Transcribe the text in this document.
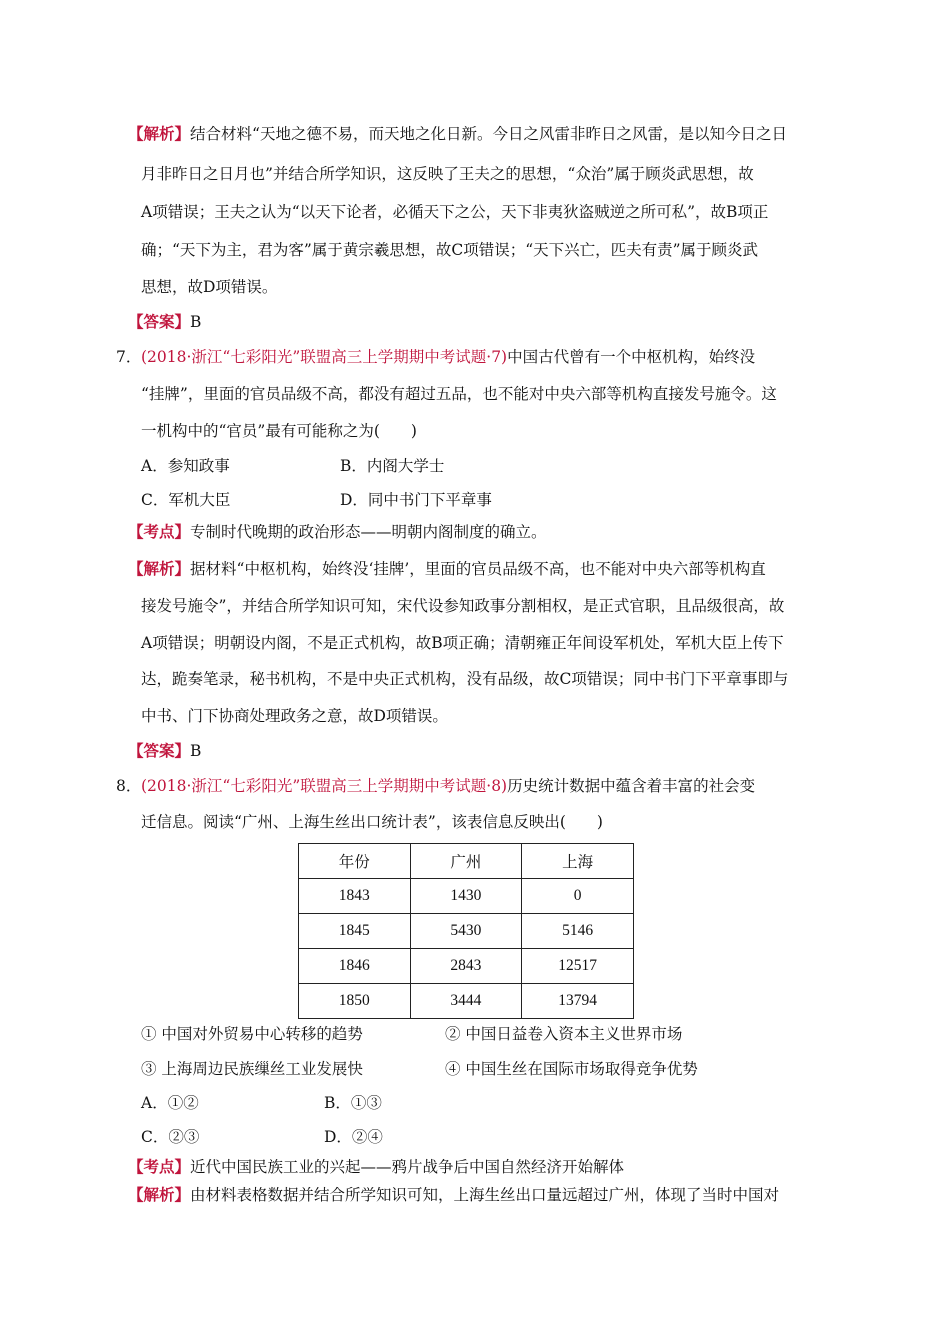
【解析】结合材料“天地之德不易，而天地之化日新。今日之风雷非昨日之风雷，是以知今日之日
月非昨日之日月也”并结合所学知识，这反映了王夫之的思想，“众治”属于顾炎武思想，故
A项错误；王夫之认为“以天下论者，必循天下之公，天下非夷狄盗贼逆之所可私”，故B项正
确；“天下为主，君为客”属于黄宗羲思想，故C项错误；“天下兴亡，匹夫有责”属于顾炎武
思想，故D项错误。
【答案】B
7． (2018·浙江“七彩阳光”联盟高三上学期期中考试题·7)中国古代曾有一个中枢机构，始终没
“挂牌”，里面的官员品级不高，都没有超过五品，也不能对中央六部等机构直接发号施令。这
一机构中的“官员”最有可能称之为(　　)
A．参知政事	B．内阁大学士
C．军机大臣	D．同中书门下平章事
【考点】专制时代晚期的政治形态——明朝内阁制度的确立。
【解析】据材料“中枢机构，始终没‘挂牌’，里面的官员品级不高，也不能对中央六部等机构直
接发号施令”，并结合所学知识可知，宋代设参知政事分割相权，是正式官职，且品级很高，故
A项错误；明朝设内阁，不是正式机构，故B项正确；清朝雍正年间设军机处，军机大臣上传下
达，跪奏笔录，秘书机构，不是中央正式机构，没有品级，故C项错误；同中书门下平章事即与
中书、门下协商处理政务之意，故D项错误。
【答案】B
8． (2018·浙江“七彩阳光”联盟高三上学期期中考试题·8)历史统计数据中蕴含着丰富的社会变
迁信息。阅读“广州、上海生丝出口统计表”，该表信息反映出(　　)
年份	广州	上海
1843	1430	0
1845	5430	5146
1846	2843	12517
1850	3444	13794
① 中国对外贸易中心转移的趋势	② 中国日益卷入资本主义世界市场
③ 上海周边民族缫丝工业发展快	④ 中国生丝在国际市场取得竞争优势
A．①②	B．①③
C．②③	D．②④
【考点】近代中国民族工业的兴起——鸦片战争后中国自然经济开始解体
【解析】由材料表格数据并结合所学知识可知，上海生丝出口量远超过广州，体现了当时中国对
